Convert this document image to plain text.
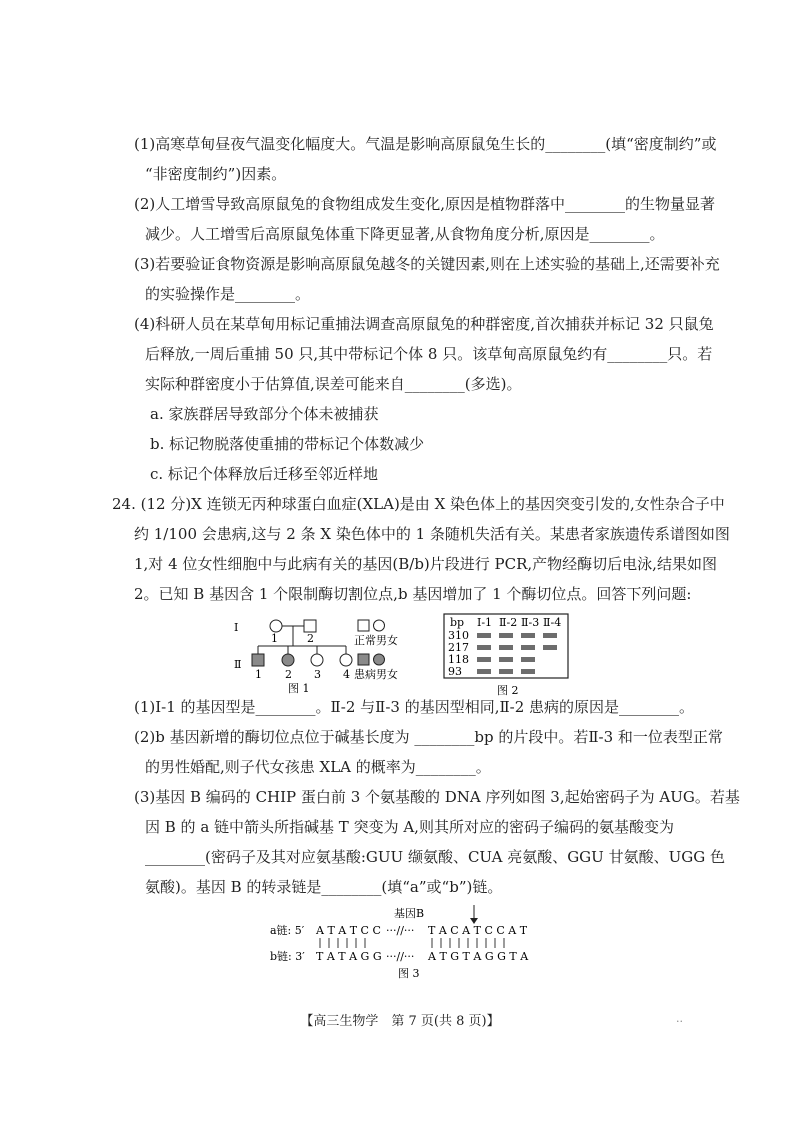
(1)高寒草甸昼夜气温变化幅度大。气温是影响高原鼠兔生长的________(填“密度制约”或
“非密度制约”)因素。
(2)人工增雪导致高原鼠兔的食物组成发生变化,原因是植物群落中________的生物量显著
减少。人工增雪后高原鼠兔体重下降更显著,从食物角度分析,原因是________。
(3)若要验证食物资源是影响高原鼠兔越冬的关键因素,则在上述实验的基础上,还需要补充
的实验操作是________。
(4)科研人员在某草甸用标记重捕法调查高原鼠兔的种群密度,首次捕获并标记 32 只鼠兔
后释放,一周后重捕 50 只,其中带标记个体 8 只。该草甸高原鼠兔约有________只。若
实际种群密度小于估算值,误差可能来自________(多选)。
a. 家族群居导致部分个体未被捕获
b. 标记物脱落使重捕的带标记个体数减少
c. 标记个体释放后迁移至邻近样地
24. (12 分)X 连锁无丙种球蛋白血症(XLA)是由 X 染色体上的基因突变引发的,女性杂合子中
约 1/100 会患病,这与 2 条 X 染色体中的 1 条随机失活有关。某患者家族遗传系谱图如图
1,对 4 位女性细胞中与此病有关的基因(B/b)片段进行 PCR,产物经酶切后电泳,结果如图
2。已知 B 基因含 1 个限制酶切割位点,b 基因增加了 1 个酶切位点。回答下列问题:
Ⅰ
Ⅱ
1	2
1 2 3 4
正常男女
患病男女
图 1
bp Ⅰ-1 Ⅱ-2 Ⅱ-3 Ⅱ-4
310
217
118
93
图 2
(1)Ⅰ-1 的基因型是________。Ⅱ-2 与Ⅱ-3 的基因型相同,Ⅱ-2 患病的原因是________。
(2)b 基因新增的酶切位点位于碱基长度为 ________bp 的片段中。若Ⅱ-3 和一位表型正常
的男性婚配,则子代女孩患 XLA 的概率为________。
(3)基因 B 编码的 CHIP 蛋白前 3 个氨基酸的 DNA 序列如图 3,起始密码子为 AUG。若基
因 B 的 a 链中箭头所指碱基 T 突变为 A,则其所对应的密码子编码的氨基酸变为
________(密码子及其对应氨基酸:GUU 缬氨酸、CUA 亮氨酸、GGU 甘氨酸、UGG 色
氨酸)。基因 B 的转录链是________(填“a”或“b”)链。
基因B
a链: 5′ A T A T C C ···//··· T A C A T C C A T
b链: 3′ T A T A G G ···//··· A T G T A G G T A
图 3
【高三生物学　第 7 页(共 8 页)】	..
